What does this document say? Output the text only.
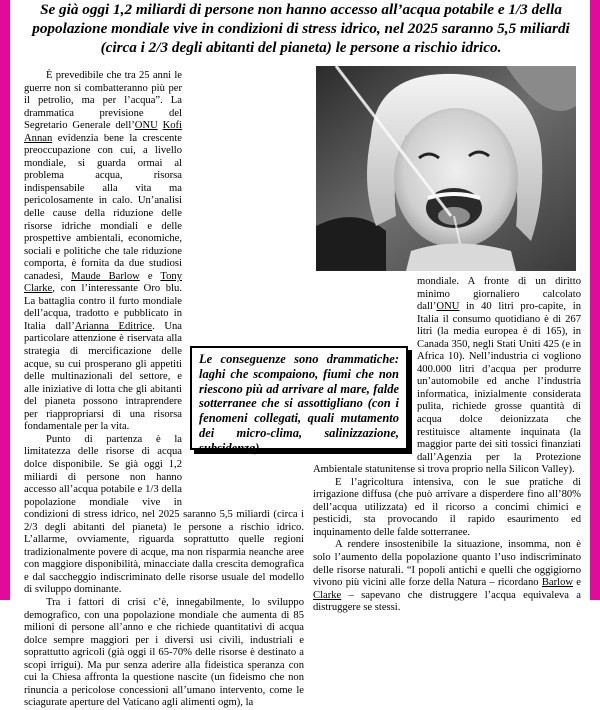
Se già oggi 1,2 miliardi di persone non hanno accesso all’acqua potabile e 1/3 della popolazione mondiale vive in condizioni di stress idrico, nel 2025 saranno 5,5 miliardi (circa i 2/3 degli abitanti del pianeta) le persone a rischio idrico.

È prevedibile che tra 25 anni le guerre non si combatteranno più per il petrolio, ma per l’acqua”. La drammatica previsione del Segretario Generale dell’ONU Kofi Annan evidenzia bene la crescente preoccupazione con cui, a livello mondiale, si guarda ormai al problema acqua, risorsa indispensabile alla vita ma pericolosamente in calo. Un’analisi delle cause della riduzione delle risorse idriche mondiali e delle prospettive ambientali, economiche, sociali e politiche che tale riduzione comporta, è fornita da due studiosi canadesi, Maude Barlow e Tony Clarke, con l’interessante Oro blu. La battaglia contro il furto mondiale dell’acqua, tradotto e pubblicato in Italia dall’Arianna Editrice. Una particolare attenzione è riservata alla strategia di mercificazione delle acque, su cui prosperano gli appetiti delle multinazionali del settore, e alle iniziative di lotta che gli abitanti del pianeta possono intraprendere per riappropriarsi di una risorsa fondamentale per la vita.

Punto di partenza è la limitatezza delle risorse di acqua dolce disponibile. Se già oggi 1,2 miliardi di persone non hanno accesso all’acqua potabile e 1/3 della popolazione mondiale vive in condizioni di stress idrico, nel 2025 saranno 5,5 miliardi (circa i 2/3 degli abitanti del pianeta) le persone a rischio idrico. L’allarme, ovviamente, riguarda soprattutto quelle regioni tradizionalmente povere di acque, ma non risparmia neanche aree con maggiore disponibilità, minacciate dalla crescita demografica e dal saccheggio indiscriminato delle risorse usuale del modello di sviluppo dominante.

Tra i fattori di crisi c’è, innegabilmente, lo sviluppo demografico, con una popolazione mondiale che aumenta di 85 milioni di persone all’anno e che richiede quantitativi di acqua dolce sempre maggiori per i diversi usi civili, industriali e soprattutto agricoli (già oggi il 65-70% delle risorse è destinato a scopi irrigui). Ma pur senza aderire alla fideistica speranza con cui la Chiesa affronta la questione nascite (un fideismo che non rinuncia a pericolose concessioni all’umano intervento, come le sciagurate aperture del Vaticano agli alimenti ogm), la

mondiale. A fronte di un diritto minimo giornaliero calcolato dall’ONU in 40 litri pro-capite, in Italia il consumo quotidiano è di 267 litri (la media europea è di 165), in Canada 350, negli Stati Uniti 425 (e in Africa 10). Nell’industria ci vogliono 400.000 litri d’acqua per produrre un’automobile ed anche l’industria informatica, inizialmente considerata pulita, richiede grosse quantità di acqua dolce deionizzata che restituisce altamente inquinata (la maggior parte dei siti tossici finanziati dall’Agenzia per la Protezione Ambientale statunitense si trova proprio nella Silicon Valley).

E l’agricoltura intensiva, con le sue pratiche di irrigazione diffusa (che può arrivare a disperdere fino all’80% dell’acqua utilizzata) ed il ricorso a concimi chimici e pesticidi, sta provocando il rapido esaurimento ed inquinamento delle falde sotterranee.

A rendere insostenibile la situazione, insomma, non è solo l’aumento della popolazione quanto l’uso indiscriminato delle risorse naturali. “I popoli antichi e quelli che oggigiorno vivono più vicini alle forze della Natura – ricordano Barlow e Clarke – sapevano che distruggere l’acqua equivaleva a distruggere se stessi.

Le conseguenze sono drammatiche: laghi che scompaiono, fiumi che non riescono più ad arrivare al mare, falde sotterranee che si assottigliano (con i fenomeni collegati, quali mutamento dei micro-clima, salinizzazione, subsidenza).
